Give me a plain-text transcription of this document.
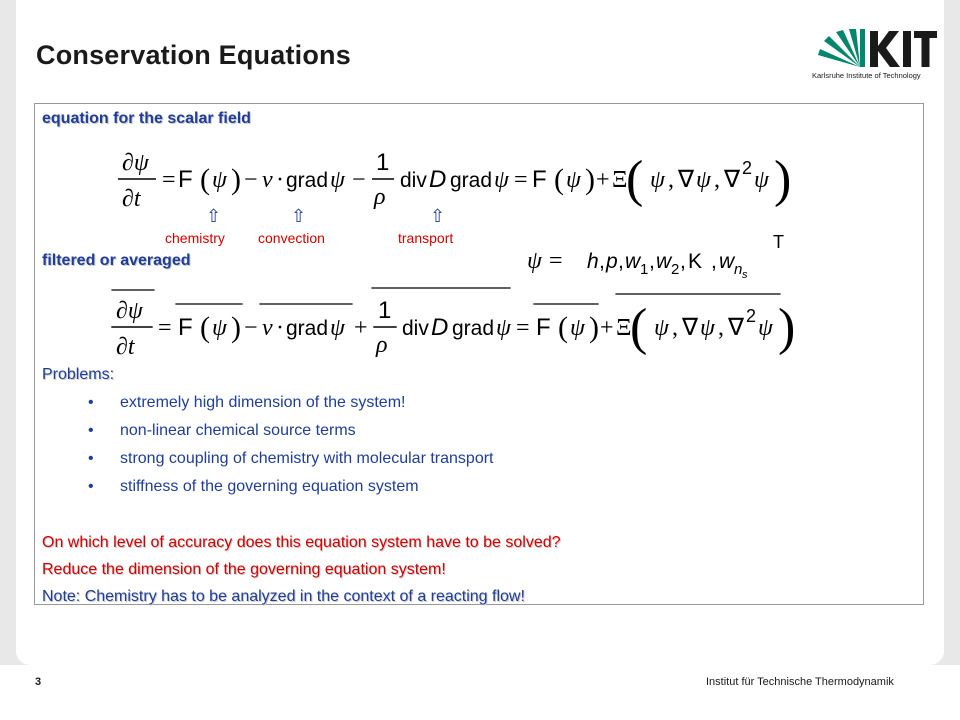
Conservation Equations
Karlsruhe Institute of Technology
equation for the scalar field
∂ψ
∂t
= F ( ψ ) − v · grad ψ −
1
ρ
div D grad ψ = F ( ψ ) + Ξ
( ψ , ∇ ψ , ∇ 2 ψ )
⇧	⇧	⇧
chemistry convection	transport
ψ = h , p , w 1 , w 2 , K , w n s
T
filtered or averaged
∂ψ
∂t
= F ( ψ ) − v · grad ψ +
1
ρ
div D grad ψ = F ( ψ ) + Ξ
( ψ , ∇ ψ , ∇ 2 ψ )
Problems:
• extremely high dimension of the system!
• non-linear chemical source terms
• strong coupling of chemistry with molecular transport
• stiffness of the governing equation system
On which level of accuracy does this equation system have to be solved?
Reduce the dimension of the governing equation system!
Note: Chemistry has to be analyzed in the context of a reacting flow!
3	Institut für Technische Thermodynamik
